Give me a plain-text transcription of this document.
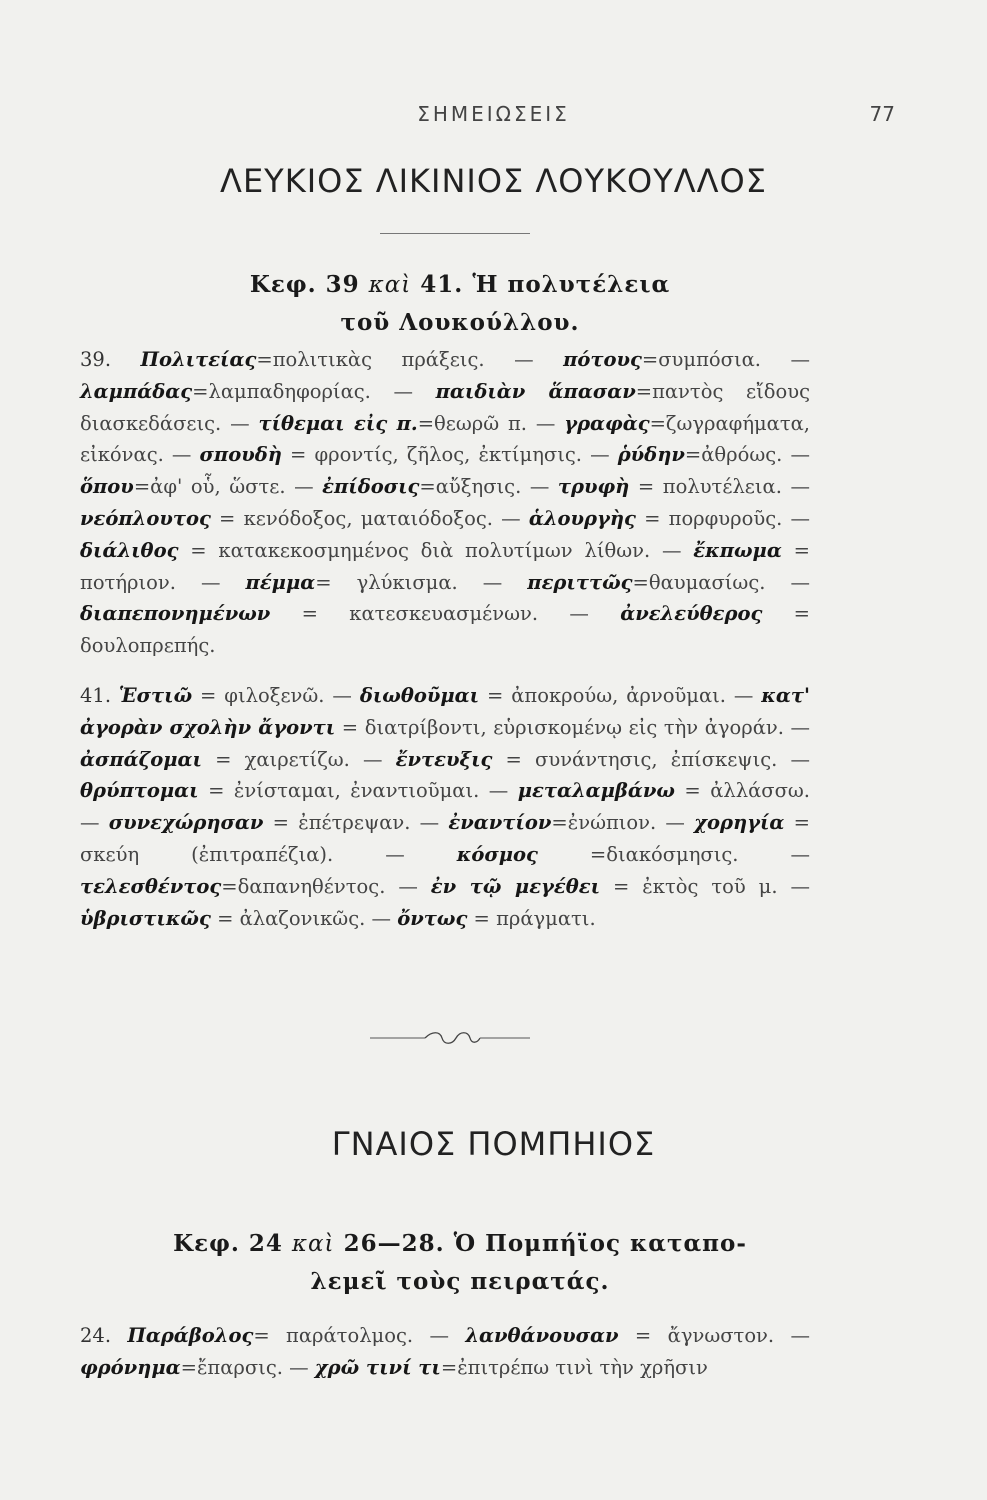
ΣΗΜΕΙΩΣΕΙΣ	77
ΛΕΥΚΙΟΣ ΛΙΚΙΝΙΟΣ ΛΟΥΚΟΥΛΛΟΣ
Κεφ. 39 καὶ 41. Ἡ πολυτέλεια
τοῦ Λουκούλλου.

39. Πολιτείας=πολιτικὰς πράξεις. — πότους=συμπόσια. — λαμπάδας=λαμπαδηφορίας. — παιδιὰν ἅπασαν=παντὸς εἴδους διασκεδάσεις. — τίθεμαι εἰς π.=θεωρῶ π. — γραφὰς=ζωγραφήματα, εἰκόνας. — σπουδὴ = φροντίς, ζῆλος, ἐκτίμησις. — ῥύδην=ἀθρόως. — ὅπου=ἀφ' οὗ, ὥστε. — ἐπίδοσις=αὔξησις. — τρυφὴ = πολυτέλεια. — νεόπλουτος = κενόδοξος, ματαιόδοξος. — ἁλουργὴς = πορφυροῦς. — διάλιθος = κατακεκοσμημένος διὰ πολυτίμων λίθων. — ἔκπωμα = ποτήριον. — πέμμα= γλύκισμα. — περιττῶς=θαυμασίως. — διαπεπονημένων = κατεσκευασμένων. — ἀνελεύθερος = δουλοπρεπής.

41. Ἑστιῶ = φιλοξενῶ. — διωθοῦμαι = ἀποκρούω, ἀρνοῦμαι. — κατ' ἀγορὰν σχολὴν ἄγοντι = διατρίβοντι, εὑρισκομένῳ εἰς τὴν ἀγοράν. — ἀσπάζομαι = χαιρετίζω. — ἔντευξις = συνάντησις, ἐπίσκεψις. — θρύπτομαι = ἐνίσταμαι, ἐναντιοῦμαι. — μεταλαμβάνω = ἀλλάσσω. — συνεχώρησαν = ἐπέτρεψαν. — ἐναντίον=ἐνώπιον. — χορηγία = σκεύη (ἐπιτραπέζια). — κόσμος =διακόσμησις. — τελεσθέντος=δαπανηθέντος. — ἐν τῷ μεγέθει = ἐκτὸς τοῦ μ. — ὑβριστικῶς = ἀλαζονικῶς. — ὄντως = πράγματι.

ΓΝΑΙΟΣ ΠΟΜΠΗΙΟΣ
Κεφ. 24 καὶ 26—28. Ὁ Πομπήϊος καταπο-
λεμεῖ τοὺς πειρατάς.

24. Παράβολος= παράτολμος. — λανθάνουσαν = ἄγνωστον. — φρόνημα=ἔπαρσις. — χρῶ τινί τι=ἐπιτρέπω τινὶ τὴν χρῆσιν
